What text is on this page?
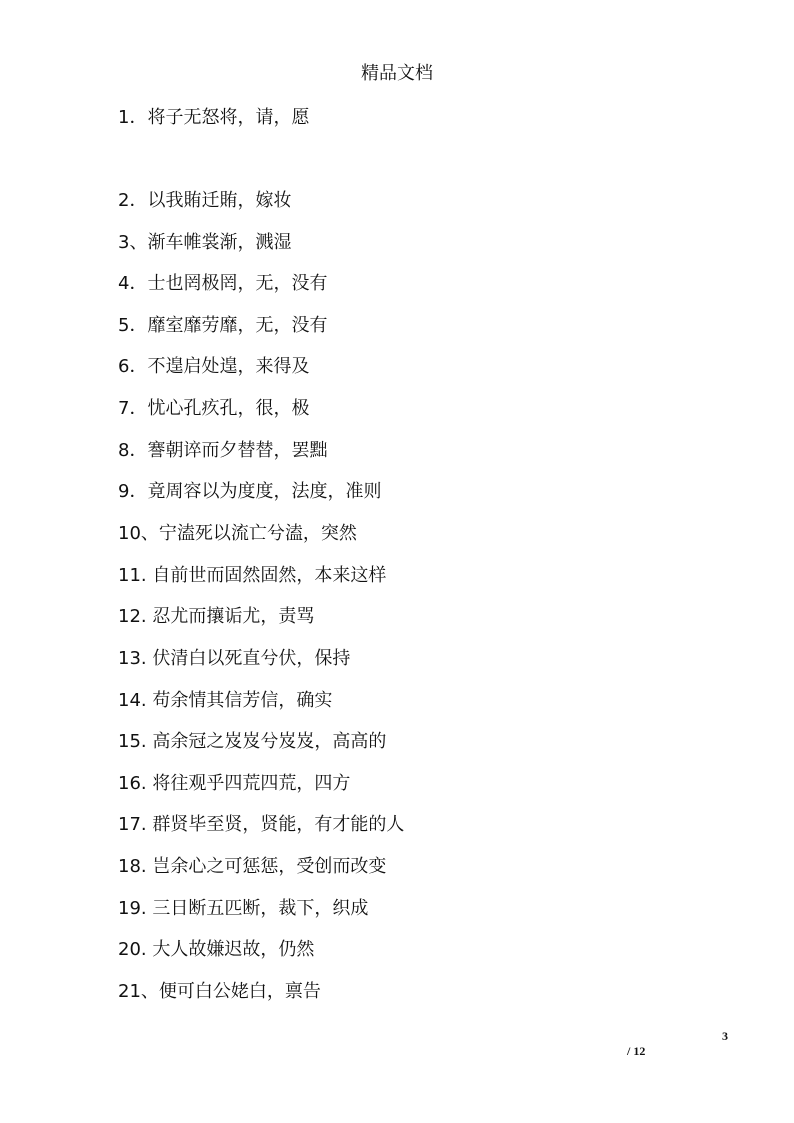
精品文档
1．将子无怒将，请，愿
2．以我賄迁賄，嫁妆
3、渐车帷裳渐，溅湿
4．士也罔极罔，无，没有
5．靡室靡劳靡，无，没有
6．不遑启处遑，来得及
7．忧心孔疚孔，很，极
8．謇朝谇而夕替替，罢黜
9．竟周容以为度度，法度，准则
10、宁溘死以流亡兮溘，突然
11. 自前世而固然固然，本来这样
12. 忍尤而攘诟尤，责骂
13. 伏清白以死直兮伏，保持
14. 苟余情其信芳信，确实
15. 高余冠之岌岌兮岌岌，高高的
16. 将往观乎四荒四荒，四方
17. 群贤毕至贤，贤能，有才能的人
18. 岂余心之可惩惩，受创而改变
19. 三日断五匹断，裁下，织成
20. 大人故嫌迟故，仍然
21、便可白公姥白，禀告
3
/ 12
